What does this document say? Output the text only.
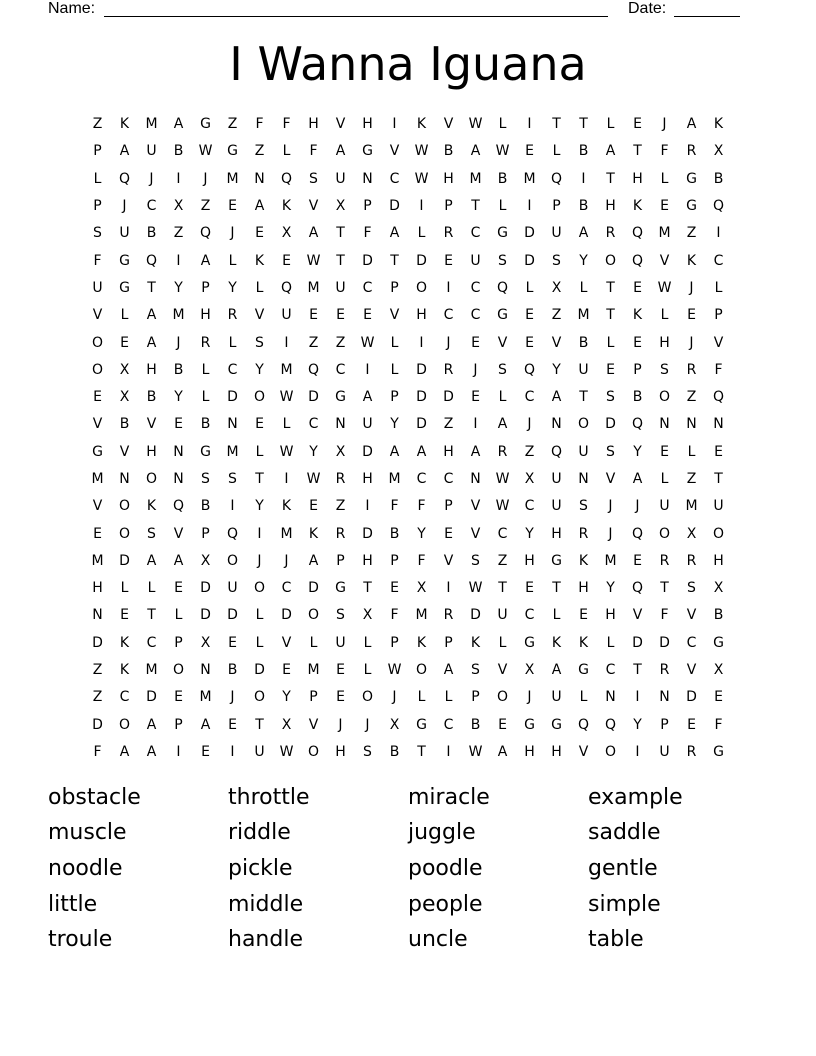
Name:	Date:
I Wanna Iguana
Z	K	M	A	G	Z	F	F	H	V	H	I	K	V	W	L	I	T	T	L	E	J	A	K
P	A	U	B	W	G	Z	L	F	A	G	V	W	B	A	W	E	L	B	A	T	F	R	X
L	Q	J	I	J	M	N	Q	S	U	N	C	W	H	M	B	M	Q	I	T	H	L	G	B
P	J	C	X	Z	E	A	K	V	X	P	D	I	P	T	L	I	P	B	H	K	E	G	Q
S	U	B	Z	Q	J	E	X	A	T	F	A	L	R	C	G	D	U	A	R	Q	M	Z	I
F	G	Q	I	A	L	K	E	W	T	D	T	D	E	U	S	D	S	Y	O	Q	V	K	C
U	G	T	Y	P	Y	L	Q	M	U	C	P	O	I	C	Q	L	X	L	T	E	W	J	L
V	L	A	M	H	R	V	U	E	E	E	V	H	C	C	G	E	Z	M	T	K	L	E	P
O	E	A	J	R	L	S	I	Z	Z	W	L	I	J	E	V	E	V	B	L	E	H	J	V
O	X	H	B	L	C	Y	M	Q	C	I	L	D	R	J	S	Q	Y	U	E	P	S	R	F
E	X	B	Y	L	D	O	W	D	G	A	P	D	D	E	L	C	A	T	S	B	O	Z	Q
V	B	V	E	B	N	E	L	C	N	U	Y	D	Z	I	A	J	N	O	D	Q	N	N	N
G	V	H	N	G	M	L	W	Y	X	D	A	A	H	A	R	Z	Q	U	S	Y	E	L	E
M	N	O	N	S	S	T	I	W	R	H	M	C	C	N	W	X	U	N	V	A	L	Z	T
V	O	K	Q	B	I	Y	K	E	Z	I	F	F	P	V	W	C	U	S	J	J	U	M	U
E	O	S	V	P	Q	I	M	K	R	D	B	Y	E	V	C	Y	H	R	J	Q	O	X	O
M	D	A	A	X	O	J	J	A	P	H	P	F	V	S	Z	H	G	K	M	E	R	R	H
H	L	L	E	D	U	O	C	D	G	T	E	X	I	W	T	E	T	H	Y	Q	T	S	X
N	E	T	L	D	D	L	D	O	S	X	F	M	R	D	U	C	L	E	H	V	F	V	B
D	K	C	P	X	E	L	V	L	U	L	P	K	P	K	L	G	K	K	L	D	D	C	G
Z	K	M	O	N	B	D	E	M	E	L	W	O	A	S	V	X	A	G	C	T	R	V	X
Z	C	D	E	M	J	O	Y	P	E	O	J	L	L	P	O	J	U	L	N	I	N	D	E
D	O	A	P	A	E	T	X	V	J	J	X	G	C	B	E	G	G	Q	Q	Y	P	E	F
F	A	A	I	E	I	U	W	O	H	S	B	T	I	W	A	H	H	V	O	I	U	R	G
obstacle	throttle	miracle	example
muscle	riddle	juggle	saddle
noodle	pickle	poodle	gentle
little	middle	people	simple
troule	handle	uncle	table
